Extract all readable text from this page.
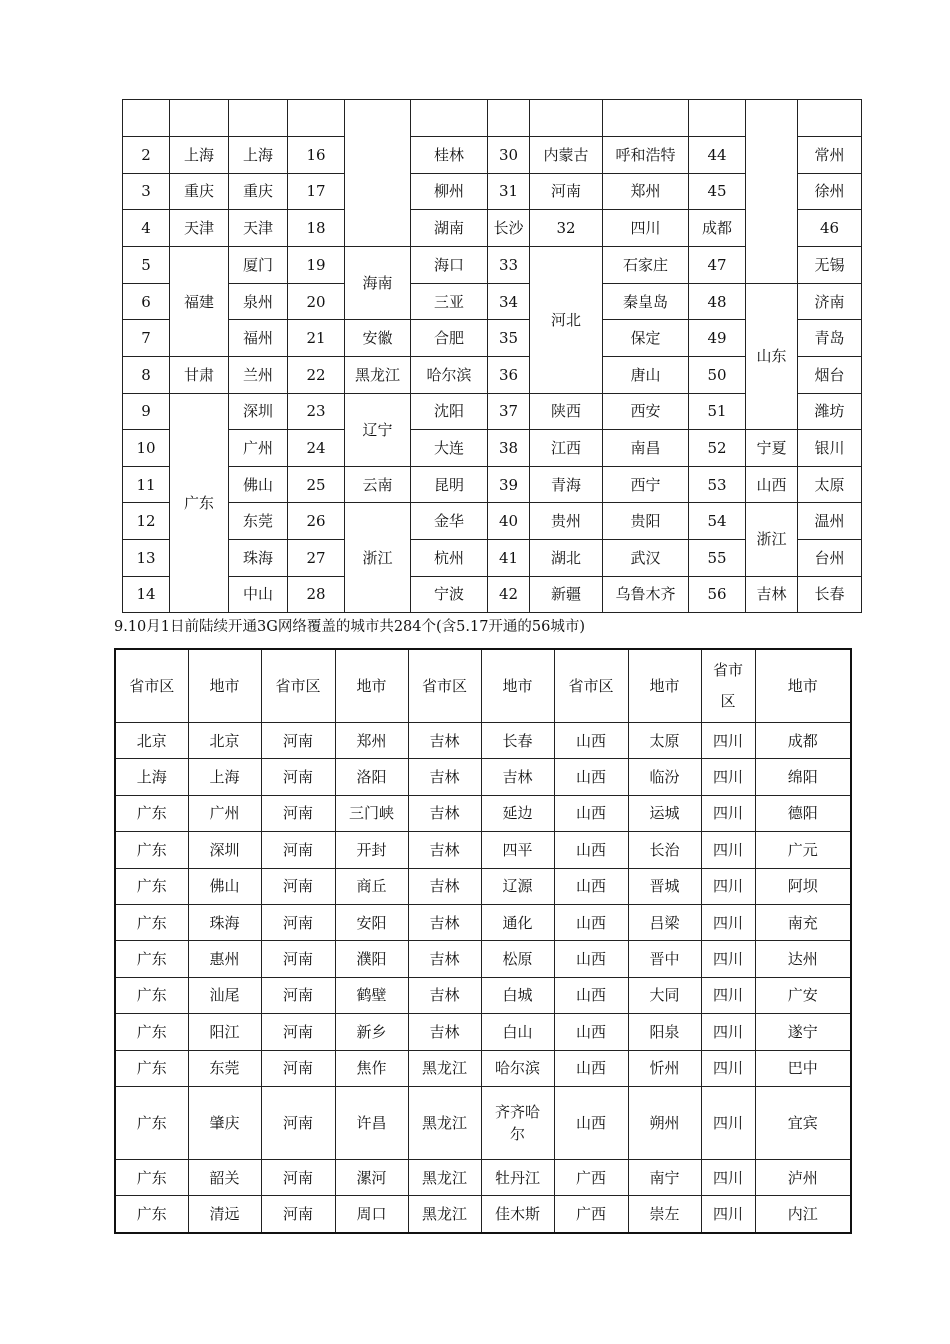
2	上海	上海	16		桂林	30	内蒙古	呼和浩特	44		常州	
3	重庆	重庆	17		柳州	31	河南	郑州	45		徐州	
4	天津	天津	18		湖南	长沙	32	四川	成都		46	
5	福建	厦门	19	海南	海口	33	河北	石家庄	47		无锡	
6		泉州	20		三亚	34		秦皇岛	48	山东	济南	
7		福州	21	安徽	合肥	35		保定	49		青岛	
8	甘肃	兰州	22	黑龙江	哈尔滨	36		唐山	50		烟台	
9	广东	深圳	23	辽宁	沈阳	37	陕西	西安	51		潍坊	
10		广州	24		大连	38	江西	南昌	52	宁夏	银川	
11		佛山	25	云南	昆明	39	青海	西宁	53	山西	太原	
12		东莞	26	浙江	金华	40	贵州	贵阳	54	浙江	温州	
13		珠海	27		杭州	41	湖北	武汉	55		台州	
14		中山	28		宁波	42	新疆	乌鲁木齐	56	吉林	长春	
9.10月1日前陆续开通3G网络覆盖的城市共284个(含5.17开通的56城市)
省市区	地市	省市区	地市	省市区	地市	省市区	地市	省市区	地市
北京	北京	河南	郑州	吉林	长春	山西	太原	四川	成都
上海	上海	河南	洛阳	吉林	吉林	山西	临汾	四川	绵阳
广东	广州	河南	三门峡	吉林	延边	山西	运城	四川	德阳
广东	深圳	河南	开封	吉林	四平	山西	长治	四川	广元
广东	佛山	河南	商丘	吉林	辽源	山西	晋城	四川	阿坝
广东	珠海	河南	安阳	吉林	通化	山西	吕梁	四川	南充
广东	惠州	河南	濮阳	吉林	松原	山西	晋中	四川	达州
广东	汕尾	河南	鹤壁	吉林	白城	山西	大同	四川	广安
广东	阳江	河南	新乡	吉林	白山	山西	阳泉	四川	遂宁
广东	东莞	河南	焦作	黑龙江	哈尔滨	山西	忻州	四川	巴中
广东	肇庆	河南	许昌	黑龙江	齐齐哈尔	山西	朔州	四川	宜宾
广东	韶关	河南	漯河	黑龙江	牡丹江	广西	南宁	四川	泸州
广东	清远	河南	周口	黑龙江	佳木斯	广西	崇左	四川	内江
